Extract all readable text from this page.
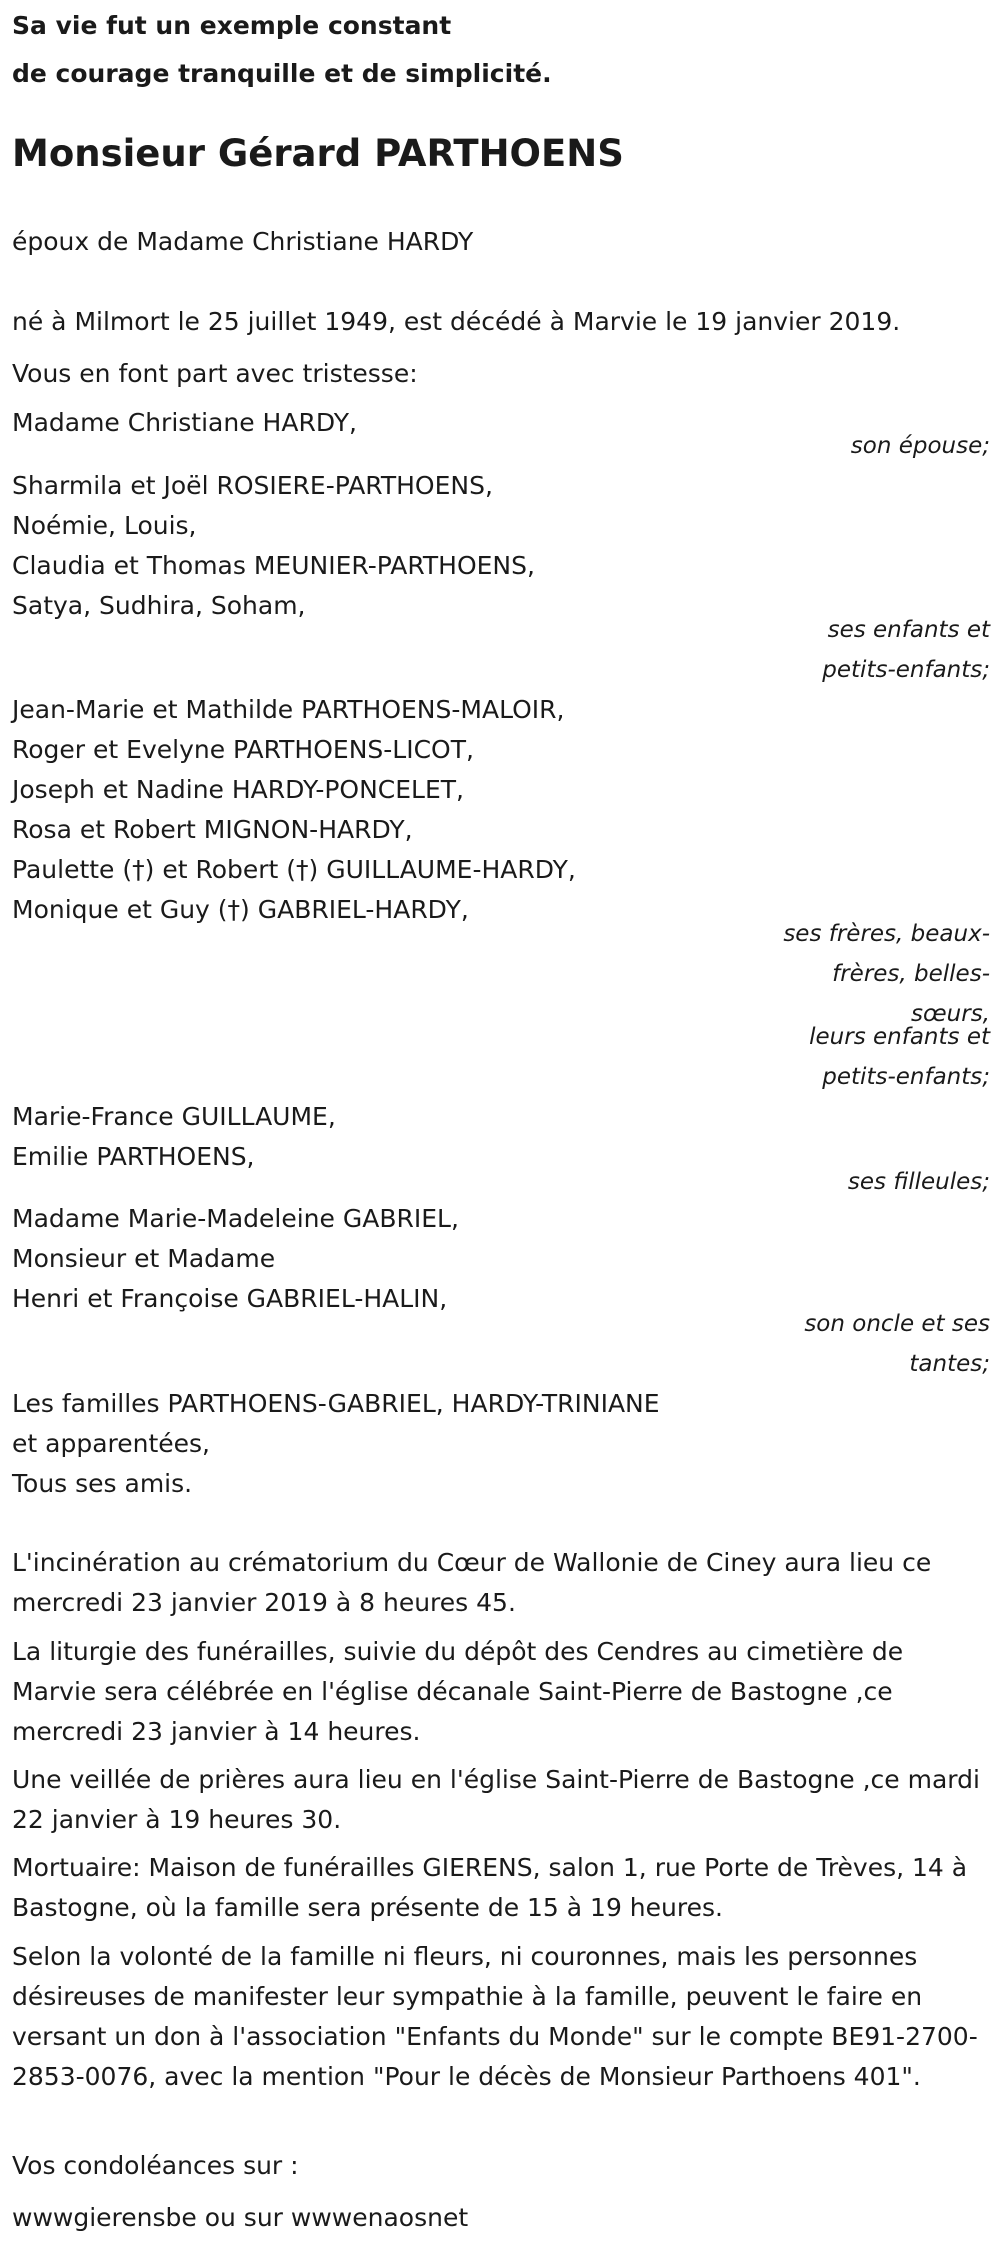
Sa vie fut un exemple constant
de courage tranquille et de simplicité.
Monsieur Gérard PARTHOENS
époux de Madame Christiane HARDY
né à Milmort le 25 juillet 1949, est décédé à Marvie le 19 janvier 2019.
Vous en font part avec tristesse:
Madame Christiane HARDY,
son épouse;
Sharmila et Joël ROSIERE-PARTHOENS,
Noémie, Louis,
Claudia et Thomas MEUNIER-PARTHOENS,
Satya, Sudhira, Soham,
ses enfants et
petits-enfants;
Jean-Marie et Mathilde PARTHOENS-MALOIR,
Roger et Evelyne PARTHOENS-LICOT,
Joseph et Nadine HARDY-PONCELET,
Rosa et Robert MIGNON-HARDY,
Paulette (†) et Robert (†) GUILLAUME-HARDY,
Monique et Guy (†) GABRIEL-HARDY,
ses frères, beaux-
frères, belles-
sœurs,
leurs enfants et
petits-enfants;
Marie-France GUILLAUME,
Emilie PARTHOENS,
ses filleules;
Madame Marie-Madeleine GABRIEL,
Monsieur et Madame
Henri et Françoise GABRIEL-HALIN,
son oncle et ses
tantes;
Les familles PARTHOENS-GABRIEL, HARDY-TRINIANE
et apparentées,
Tous ses amis.
L'incinération au crématorium du Cœur de Wallonie de Ciney aura lieu ce mercredi 23 janvier 2019 à 8 heures 45.
La liturgie des funérailles, suivie du dépôt des Cendres au cimetière de Marvie sera célébrée en l'église décanale Saint-Pierre de Bastogne ,ce mercredi 23 janvier à 14 heures.
Une veillée de prières aura lieu en l'église Saint-Pierre de Bastogne ,ce mardi 22 janvier à 19 heures 30.
Mortuaire: Maison de funérailles GIERENS, salon 1, rue Porte de Trèves, 14 à Bastogne, où la famille sera présente de 15 à 19 heures.
Selon la volonté de la famille ni fleurs, ni couronnes, mais les personnes désireuses de manifester leur sympathie à la famille, peuvent le faire en versant un don à l'association "Enfants du Monde" sur le compte BE91-2700-2853-0076, avec la mention "Pour le décès de Monsieur Parthoens 401".
Vos condoléances sur :
wwwgierensbe ou sur wwwenaosnet
